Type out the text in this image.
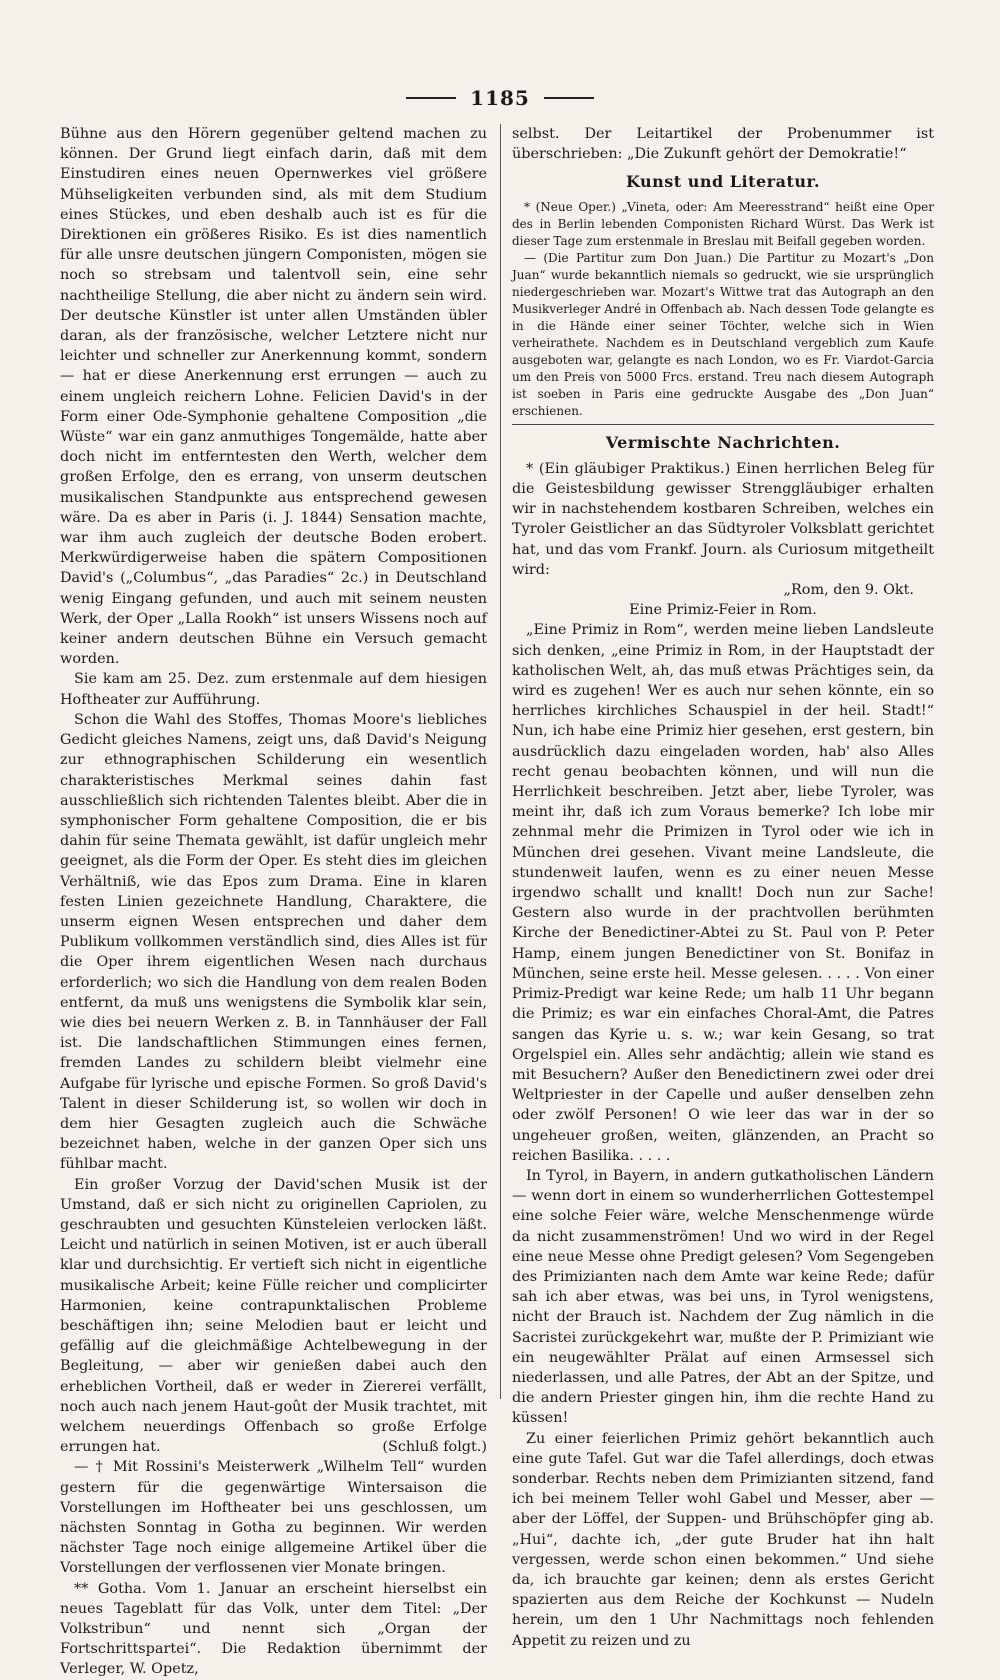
1185

Bühne aus den Hörern gegenüber geltend machen zu können. Der Grund liegt einfach darin, daß mit dem Einstudiren eines neuen Opernwerkes viel größere Mühseligkeiten verbunden sind, als mit dem Studium eines Stückes, und eben deshalb auch ist es für die Direktionen ein größeres Risiko. Es ist dies namentlich für alle unsre deutschen jüngern Componisten, mögen sie noch so strebsam und talentvoll sein, eine sehr nachtheilige Stellung, die aber nicht zu ändern sein wird. Der deutsche Künstler ist unter allen Umständen übler daran, als der französische, welcher Letztere nicht nur leichter und schneller zur Anerkennung kommt, sondern — hat er diese Anerkennung erst errungen — auch zu einem ungleich reichern Lohne. Felicien David's in der Form einer Ode-Symphonie gehaltene Composition „die Wüste“ war ein ganz anmuthiges Tongemälde, hatte aber doch nicht im entferntesten den Werth, welcher dem großen Erfolge, den es errang, von unserm deutschen musikalischen Standpunkte aus entsprechend gewesen wäre. Da es aber in Paris (i. J. 1844) Sensation machte, war ihm auch zugleich der deutsche Boden erobert. Merkwürdigerweise haben die spätern Compositionen David's („Columbus“, „das Paradies“ 2c.) in Deutschland wenig Eingang gefunden, und auch mit seinem neusten Werk, der Oper „Lalla Rookh“ ist unsers Wissens noch auf keiner andern deutschen Bühne ein Versuch gemacht worden.

Sie kam am 25. Dez. zum erstenmale auf dem hiesigen Hoftheater zur Aufführung.

Schon die Wahl des Stoffes, Thomas Moore's liebliches Gedicht gleiches Namens, zeigt uns, daß David's Neigung zur ethnographischen Schilderung ein wesentlich charakteristisches Merkmal seines dahin fast ausschließlich sich richtenden Talentes bleibt. Aber die in symphonischer Form gehaltene Composition, die er bis dahin für seine Themata gewählt, ist dafür ungleich mehr geeignet, als die Form der Oper. Es steht dies im gleichen Verhältniß, wie das Epos zum Drama. Eine in klaren festen Linien gezeichnete Handlung, Charaktere, die unserm eignen Wesen entsprechen und daher dem Publikum vollkommen verständlich sind, dies Alles ist für die Oper ihrem eigentlichen Wesen nach durchaus erforderlich; wo sich die Handlung von dem realen Boden entfernt, da muß uns wenigstens die Symbolik klar sein, wie dies bei neuern Werken z. B. in Tannhäuser der Fall ist. Die landschaftlichen Stimmungen eines fernen, fremden Landes zu schildern bleibt vielmehr eine Aufgabe für lyrische und epische Formen. So groß David's Talent in dieser Schilderung ist, so wollen wir doch in dem hier Gesagten zugleich auch die Schwäche bezeichnet haben, welche in der ganzen Oper sich uns fühlbar macht.

Ein großer Vorzug der David'schen Musik ist der Umstand, daß er sich nicht zu originellen Capriolen, zu geschraubten und gesuchten Künsteleien verlocken läßt. Leicht und natürlich in seinen Motiven, ist er auch überall klar und durchsichtig. Er vertieft sich nicht in eigentliche musikalische Arbeit; keine Fülle reicher und complicirter Harmonien, keine contrapunktalischen Probleme beschäftigen ihn; seine Melodien baut er leicht und gefällig auf die gleichmäßige Achtelbewegung in der Begleitung, — aber wir genießen dabei auch den erheblichen Vortheil, daß er weder in Ziererei verfällt, noch auch nach jenem Haut-goût der Musik trachtet, mit welchem neuerdings Offenbach so große Erfolge errungen hat.	(Schluß folgt.)

— † Mit Rossini's Meisterwerk „Wilhelm Tell“ wurden gestern für die gegenwärtige Wintersaison die Vorstellungen im Hoftheater bei uns geschlossen, um nächsten Sonntag in Gotha zu beginnen. Wir werden nächster Tage noch einige allgemeine Artikel über die Vorstellungen der verflossenen vier Monate bringen.

** Gotha. Vom 1. Januar an erscheint hierselbst ein neues Tageblatt für das Volk, unter dem Titel: „Der Volkstribun“ und nennt sich „Organ der Fortschrittspartei“. Die Redaktion übernimmt der Verleger, W. Opetz,

selbst. Der Leitartikel der Probenummer ist überschrieben: „Die Zukunft gehört der Demokratie!“

Kunst und Literatur.

* (Neue Oper.) „Vineta, oder: Am Meeresstrand“ heißt eine Oper des in Berlin lebenden Componisten Richard Würst. Das Werk ist dieser Tage zum erstenmale in Breslau mit Beifall gegeben worden.

— (Die Partitur zum Don Juan.) Die Partitur zu Mozart's „Don Juan“ wurde bekanntlich niemals so gedruckt, wie sie ursprünglich niedergeschrieben war. Mozart's Wittwe trat das Autograph an den Musikverleger André in Offenbach ab. Nach dessen Tode gelangte es in die Hände einer seiner Töchter, welche sich in Wien verheirathete. Nachdem es in Deutschland vergeblich zum Kaufe ausgeboten war, gelangte es nach London, wo es Fr. Viardot-Garcia um den Preis von 5000 Frcs. erstand. Treu nach diesem Autograph ist soeben in Paris eine gedruckte Ausgabe des „Don Juan“ erschienen.

Vermischte Nachrichten.

* (Ein gläubiger Praktikus.) Einen herrlichen Beleg für die Geistesbildung gewisser Strenggläubiger erhalten wir in nachstehendem kostbaren Schreiben, welches ein Tyroler Geistlicher an das Südtyroler Volksblatt gerichtet hat, und das vom Frankf. Journ. als Curiosum mitgetheilt wird:

„Rom, den 9. Okt.

Eine Primiz-Feier in Rom.

„Eine Primiz in Rom“, werden meine lieben Landsleute sich denken, „eine Primiz in Rom, in der Hauptstadt der katholischen Welt, ah, das muß etwas Prächtiges sein, da wird es zugehen! Wer es auch nur sehen könnte, ein so herrliches kirchliches Schauspiel in der heil. Stadt!“ Nun, ich habe eine Primiz hier gesehen, erst gestern, bin ausdrücklich dazu eingeladen worden, hab' also Alles recht genau beobachten können, und will nun die Herrlichkeit beschreiben. Jetzt aber, liebe Tyroler, was meint ihr, daß ich zum Voraus bemerke? Ich lobe mir zehnmal mehr die Primizen in Tyrol oder wie ich in München drei gesehen. Vivant meine Landsleute, die stundenweit laufen, wenn es zu einer neuen Messe irgendwo schallt und knallt! Doch nun zur Sache! Gestern also wurde in der prachtvollen berühmten Kirche der Benedictiner-Abtei zu St. Paul von P. Peter Hamp, einem jungen Benedictiner von St. Bonifaz in München, seine erste heil. Messe gelesen. . . . . Von einer Primiz-Predigt war keine Rede; um halb 11 Uhr begann die Primiz; es war ein einfaches Choral-Amt, die Patres sangen das Kyrie u. s. w.; war kein Gesang, so trat Orgelspiel ein. Alles sehr andächtig; allein wie stand es mit Besuchern? Außer den Benedictinern zwei oder drei Weltpriester in der Capelle und außer denselben zehn oder zwölf Personen! O wie leer das war in der so ungeheuer großen, weiten, glänzenden, an Pracht so reichen Basilika. . . . .

In Tyrol, in Bayern, in andern gutkatholischen Ländern — wenn dort in einem so wunderherrlichen Gottestempel eine solche Feier wäre, welche Menschenmenge würde da nicht zusammenströmen! Und wo wird in der Regel eine neue Messe ohne Predigt gelesen? Vom Segengeben des Primizianten nach dem Amte war keine Rede; dafür sah ich aber etwas, was bei uns, in Tyrol wenigstens, nicht der Brauch ist. Nachdem der Zug nämlich in die Sacristei zurückgekehrt war, mußte der P. Primiziant wie ein neugewählter Prälat auf einen Armsessel sich niederlassen, und alle Patres, der Abt an der Spitze, und die andern Priester gingen hin, ihm die rechte Hand zu küssen!

Zu einer feierlichen Primiz gehört bekanntlich auch eine gute Tafel. Gut war die Tafel allerdings, doch etwas sonderbar. Rechts neben dem Primizianten sitzend, fand ich bei meinem Teller wohl Gabel und Messer, aber — aber der Löffel, der Suppen- und Brühschöpfer ging ab. „Hui“, dachte ich, „der gute Bruder hat ihn halt vergessen, werde schon einen bekommen.“ Und siehe da, ich brauchte gar keinen; denn als erstes Gericht spazierten aus dem Reiche der Kochkunst — Nudeln herein, um den 1 Uhr Nachmittags noch fehlenden Appetit zu reizen und zu
